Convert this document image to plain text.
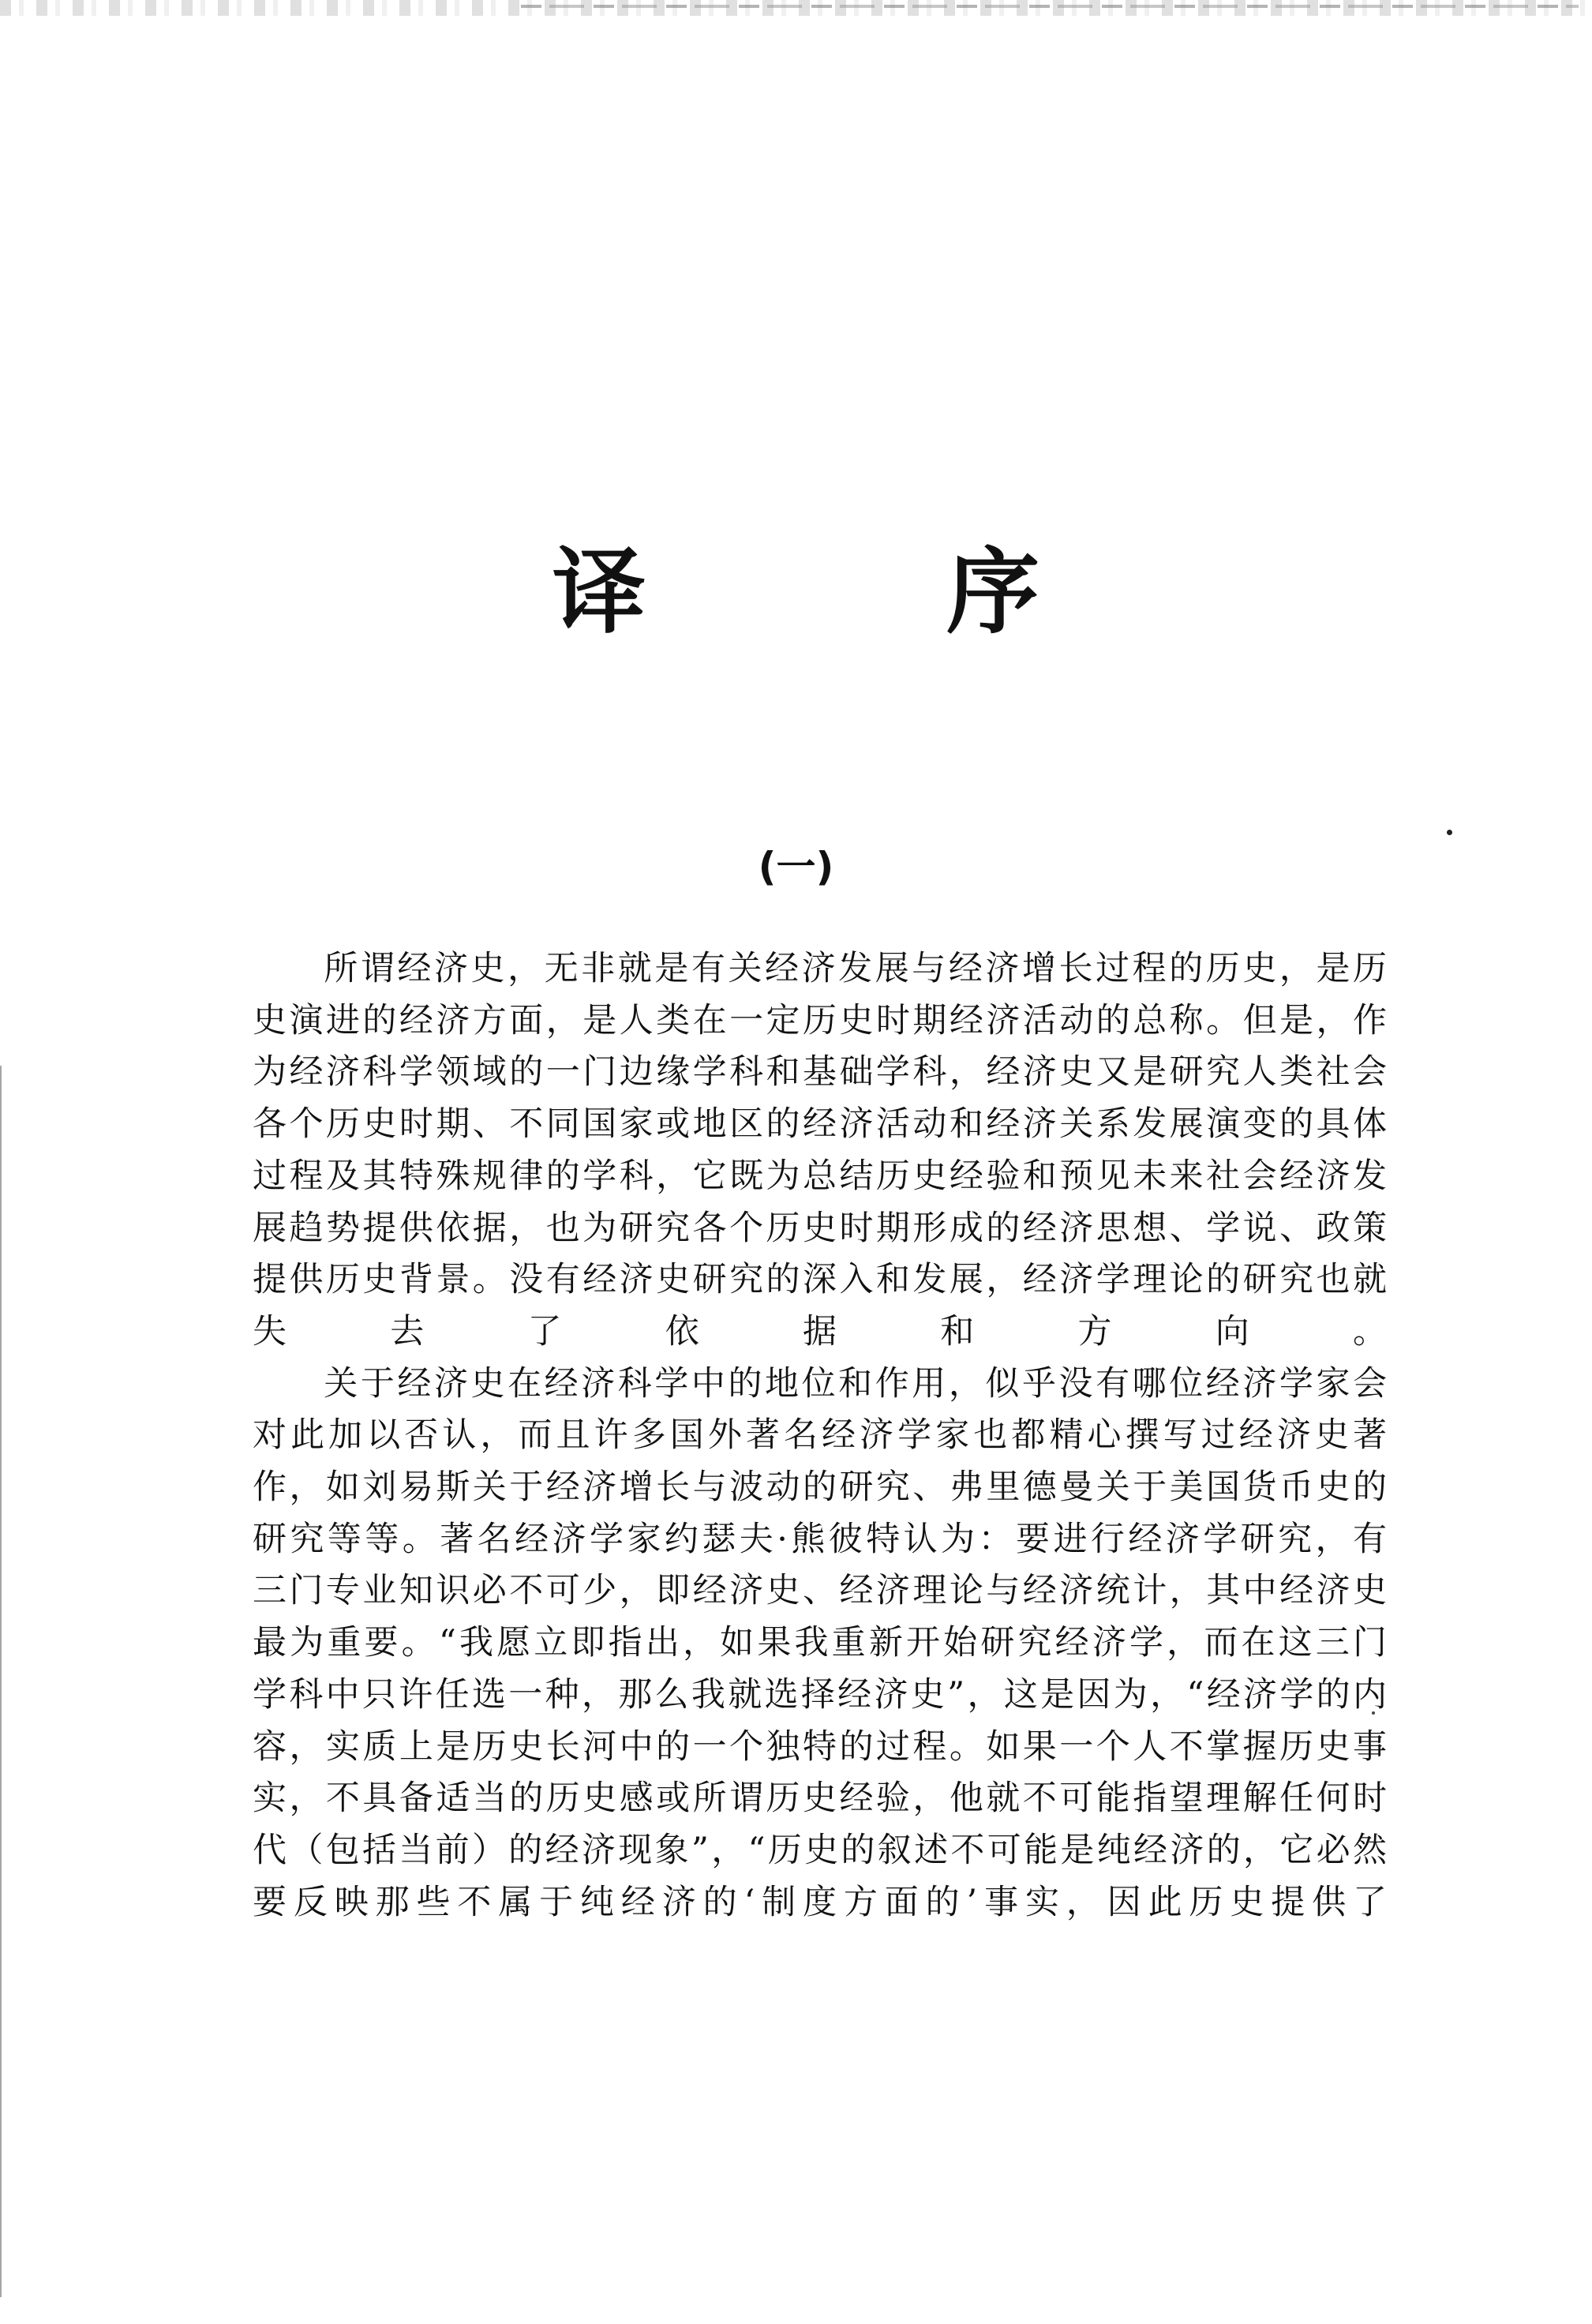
译 序
(一)

所谓经济史，无非就是有关经济发展与经济增长过程的历史，是历史演进的经济方面，是人类在一定历史时期经济活动的总称。但是，作为经济科学领域的一门边缘学科和基础学科，经济史又是研究人类社会各个历史时期、不同国家或地区的经济活动和经济关系发展演变的具体过程及其特殊规律的学科，它既为总结历史经验和预见未来社会经济发展趋势提供依据，也为研究各个历史时期形成的经济思想、学说、政策提供历史背景。没有经济史研究的深入和发展，经济学理论的研究也就失去了依据和方向。

关于经济史在经济科学中的地位和作用，似乎没有哪位经济学家会对此加以否认，而且许多国外著名经济学家也都精心撰写过经济史著作，如刘易斯关于经济增长与波动的研究、弗里德曼关于美国货币史的研究等等。著名经济学家约瑟夫·熊彼特认为：要进行经济学研究，有三门专业知识必不可少，即经济史、经济理论与经济统计，其中经济史最为重要。“我愿立即指出，如果我重新开始研究经济学，而在这三门学科中只许任选一种，那么我就选择经济史”，这是因为，“经济学的内容，实质上是历史长河中的一个独特的过程。如果一个人不掌握历史事实，不具备适当的历史感或所谓历史经验，他就不可能指望理解任何时代（包括当前）的经济现象”，“历史的叙述不可能是纯经济的，它必然要反映那些不属于纯经济的‘制度方面的’事实，因此历史提供了
